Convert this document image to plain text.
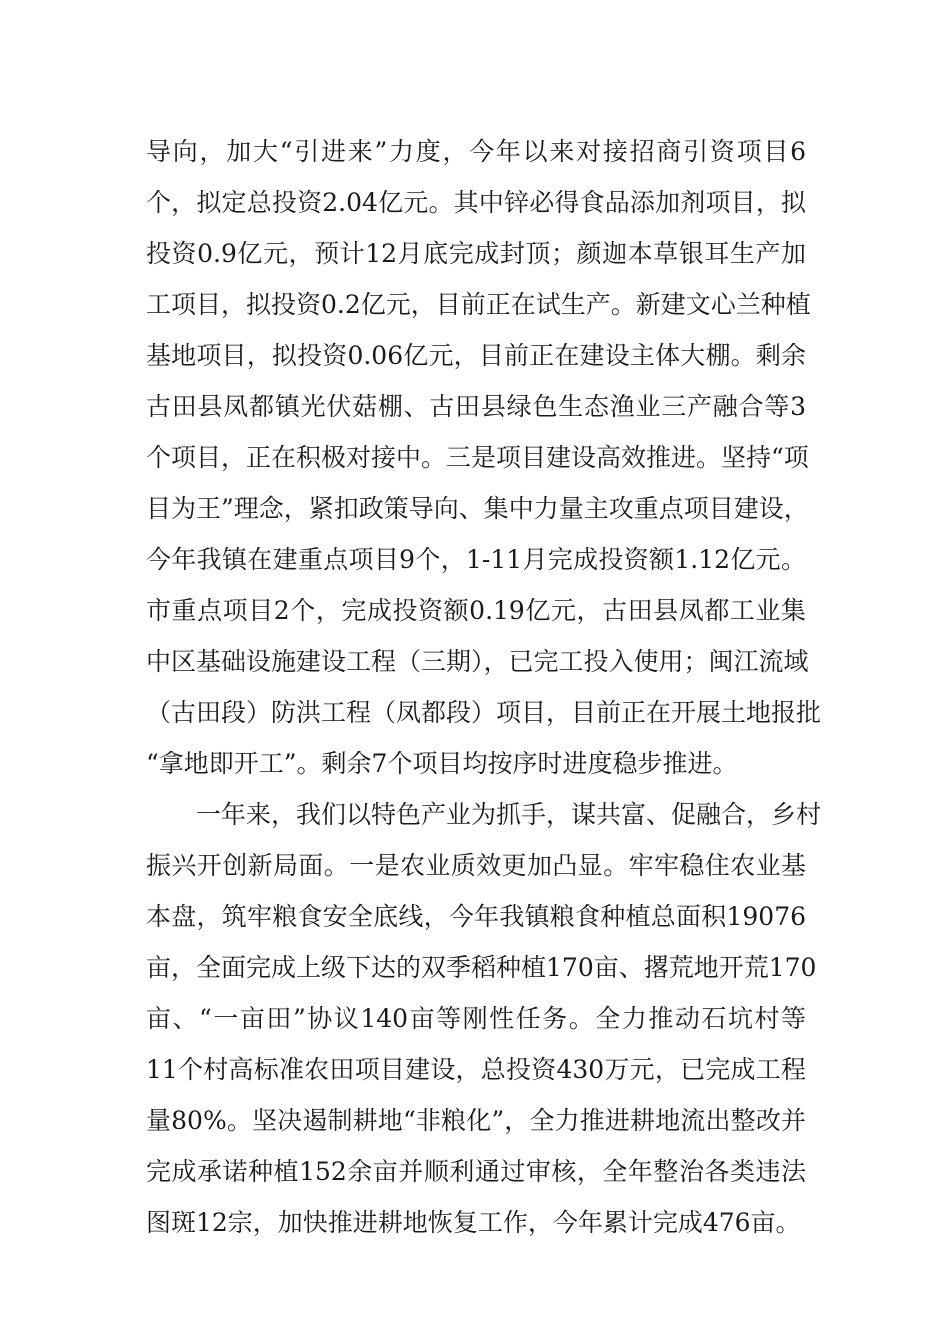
导向，加大“引进来”力度，今年以来对接招商引资项目6
个，拟定总投资2.04亿元。其中锌必得食品添加剂项目，拟
投资0.9亿元，预计12月底完成封顶；颜迦本草银耳生产加
工项目，拟投资0.2亿元，目前正在试生产。新建文心兰种植
基地项目，拟投资0.06亿元，目前正在建设主体大棚。剩余
古田县凤都镇光伏菇棚、古田县绿色生态渔业三产融合等3
个项目，正在积极对接中。三是项目建设高效推进。坚持“项
目为王”理念，紧扣政策导向、集中力量主攻重点项目建设，
今年我镇在建重点项目9个，1-11月完成投资额1.12亿元。
市重点项目2个，完成投资额0.19亿元，古田县凤都工业集
中区基础设施建设工程（三期），已完工投入使用；闽江流域
（古田段）防洪工程（凤都段）项目，目前正在开展土地报批
“拿地即开工”。剩余7个项目均按序时进度稳步推进。
　　一年来，我们以特色产业为抓手，谋共富、促融合，乡村
振兴开创新局面。一是农业质效更加凸显。牢牢稳住农业基
本盘，筑牢粮食安全底线，今年我镇粮食种植总面积19076
亩，全面完成上级下达的双季稻种植170亩、撂荒地开荒170
亩、“一亩田”协议140亩等刚性任务。全力推动石坑村等
11个村高标准农田项目建设，总投资430万元，已完成工程
量80%。坚决遏制耕地“非粮化”，全力推进耕地流出整改并
完成承诺种植152余亩并顺利通过审核，全年整治各类违法
图斑12宗，加快推进耕地恢复工作，今年累计完成476亩。
